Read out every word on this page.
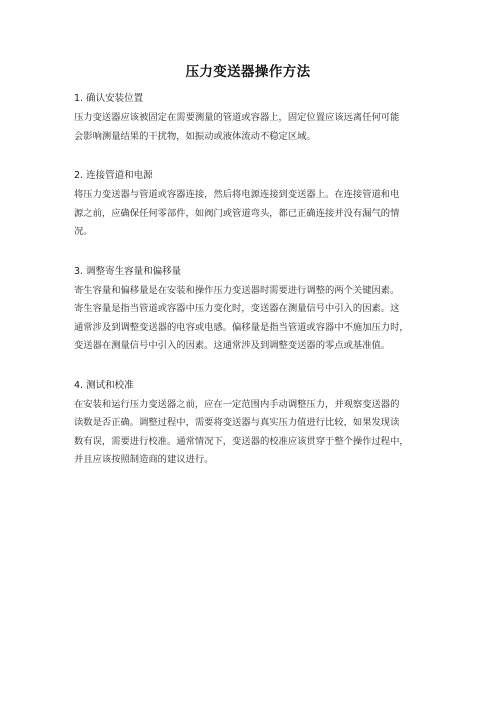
压力变送器操作方法
1. 确认安装位置
压力变送器应该被固定在需要测量的管道或容器上，固定位置应该远离任何可能
会影响测量结果的干扰物，如振动或液体流动不稳定区域。
2. 连接管道和电源
将压力变送器与管道或容器连接，然后将电源连接到变送器上。在连接管道和电
源之前，应确保任何零部件，如阀门或管道弯头，都已正确连接并没有漏气的情
况。
3. 调整寄生容量和偏移量
寄生容量和偏移量是在安装和操作压力变送器时需要进行调整的两个关键因素。
寄生容量是指当管道或容器中压力变化时，变送器在测量信号中引入的因素。这
通常涉及到调整变送器的电容或电感。偏移量是指当管道或容器中不施加压力时，
变送器在测量信号中引入的因素。这通常涉及到调整变送器的零点或基准值。
4. 测试和校准
在安装和运行压力变送器之前，应在一定范围内手动调整压力，并观察变送器的
读数是否正确。调整过程中，需要将变送器与真实压力值进行比较，如果发现读
数有误，需要进行校准。通常情况下，变送器的校准应该贯穿于整个操作过程中，
并且应该按照制造商的建议进行。
